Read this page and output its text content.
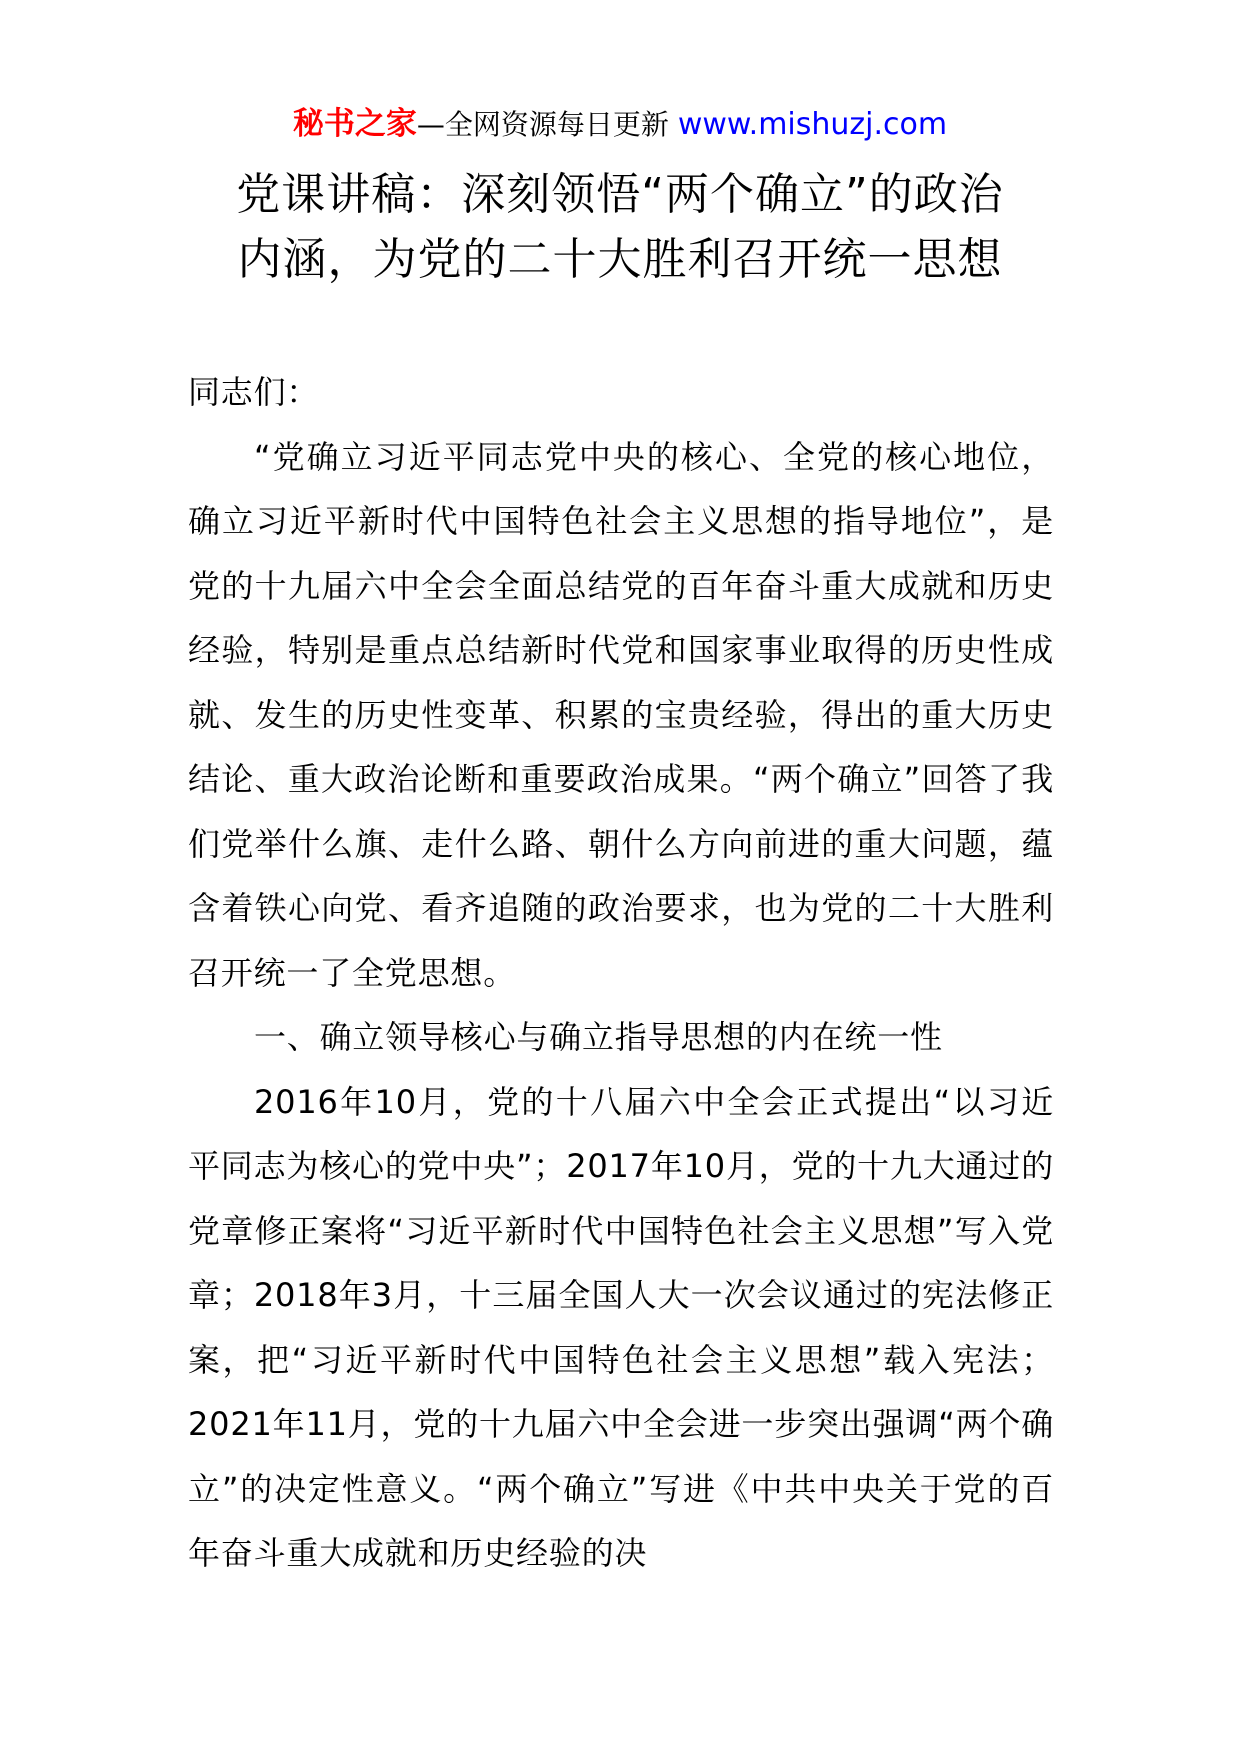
秘书之家—全网资源每日更新 www.mishuzj.com
党课讲稿：深刻领悟“两个确立”的政治
内涵，为党的二十大胜利召开统一思想

同志们：

“党确立习近平同志党中央的核心、全党的核心地位，确立习近平新时代中国特色社会主义思想的指导地位”，是党的十九届六中全会全面总结党的百年奋斗重大成就和历史经验，特别是重点总结新时代党和国家事业取得的历史性成就、发生的历史性变革、积累的宝贵经验，得出的重大历史结论、重大政治论断和重要政治成果。“两个确立”回答了我们党举什么旗、走什么路、朝什么方向前进的重大问题，蕴含着铁心向党、看齐追随的政治要求，也为党的二十大胜利召开统一了全党思想。

一、确立领导核心与确立指导思想的内在统一性

2016年10月，党的十八届六中全会正式提出“以习近平同志为核心的党中央”；2017年10月，党的十九大通过的党章修正案将“习近平新时代中国特色社会主义思想”写入党章；2018年3月，十三届全国人大一次会议通过的宪法修正案，把“习近平新时代中国特色社会主义思想”载入宪法；2021年11月，党的十九届六中全会进一步突出强调“两个确立”的决定性意义。“两个确立”写进《中共中央关于党的百年奋斗重大成就和历史经验的决
